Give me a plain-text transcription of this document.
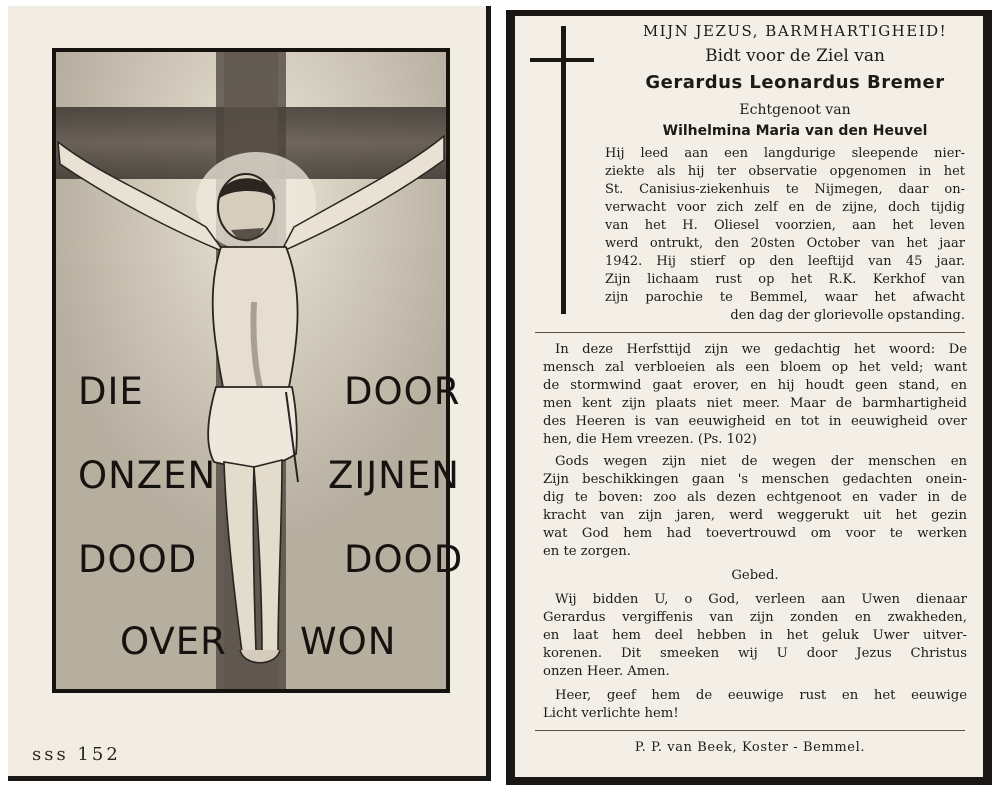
DIE	DOOR
ONZEN	ZIJNEN
DOOD	DOOD
OVER WON
sss 152
MIJN JEZUS, BARMHARTIGHEID!
Bidt voor de Ziel van
Gerardus Leonardus Bremer
Echtgenoot van
Wilhelmina Maria van den Heuvel
Hij leed aan een langdurige sleepende nier-
ziekte als hij ter observatie opgenomen in het
St. Canisius-ziekenhuis te Nijmegen, daar on-
verwacht voor zich zelf en de zijne, doch tijdig
van het H. Oliesel voorzien, aan het leven
werd ontrukt, den 20sten October van het jaar
1942. Hij stierf op den leeftijd van 45 jaar.
Zijn lichaam rust op het R.K. Kerkhof van
zijn parochie te Bemmel, waar het afwacht
den dag der glorievolle opstanding.
In deze Herfsttijd zijn we gedachtig het woord: De
mensch zal verbloeien als een bloem op het veld; want
de stormwind gaat erover, en hij houdt geen stand, en
men kent zijn plaats niet meer. Maar de barmhartigheid
des Heeren is van eeuwigheid en tot in eeuwigheid over
hen, die Hem vreezen. (Ps. 102)
Gods wegen zijn niet de wegen der menschen en
Zijn beschikkingen gaan 's menschen gedachten onein-
dig te boven: zoo als dezen echtgenoot en vader in de
kracht van zijn jaren, werd weggerukt uit het gezin
wat God hem had toevertrouwd om voor te werken
en te zorgen.
Gebed.
Wij bidden U, o God, verleen aan Uwen dienaar
Gerardus vergiffenis van zijn zonden en zwakheden,
en laat hem deel hebben in het geluk Uwer uitver-
korenen. Dit smeeken wij U door Jezus Christus
onzen Heer. Amen.
Heer, geef hem de eeuwige rust en het eeuwige
Licht verlichte hem!
P. P. van Beek, Koster - Bemmel.
